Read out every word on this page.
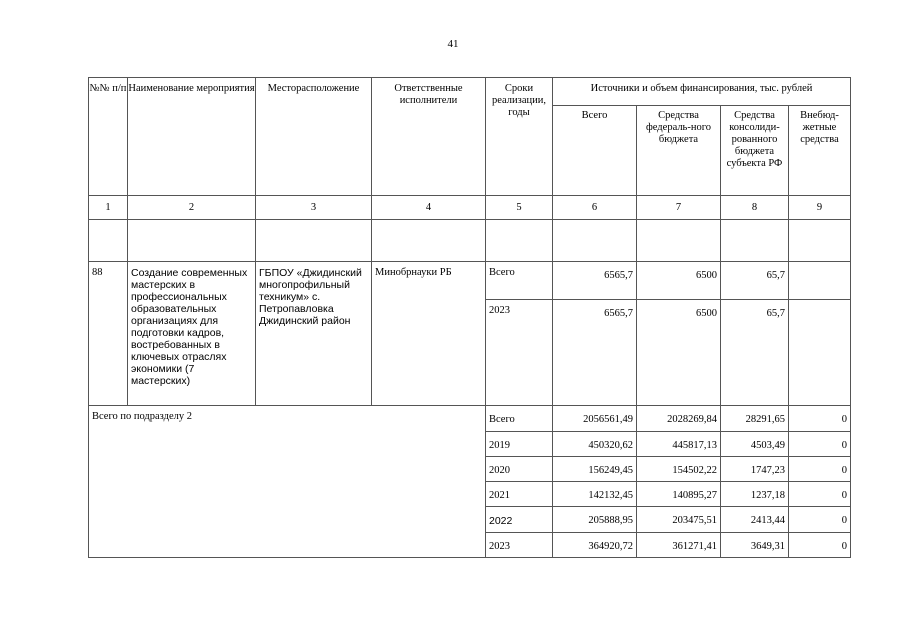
41
№№ п/п	Наименование мероприятия	Месторасположение	Ответственные исполнители	Сроки реализации, годы	Источники и объем финансирования, тыс. рублей			
					Всего	Средства федераль-ного бюджета	Средства консолиди-рованного бюджета субъекта РФ	Внебюд-жетные средства
1	2	3	4	5	6	7	8	9

88	Создание современных мастерских в профессиональных образовательных организациях для подготовки кадров, востребованных в ключевых отраслях экономики (7 мастерских)	ГБПОУ «Джидинский многопрофильный техникум» с. Петропавловка Джидинский район	Минобрнауки РБ	Всего	6565,7	6500	65,7	
				2023	6565,7	6500	65,7	
Всего по подразделу 2				Всего	2056561,49	2028269,84	28291,65	0
				2019	450320,62	445817,13	4503,49	0
				2020	156249,45	154502,22	1747,23	0
				2021	142132,45	140895,27	1237,18	0
				2022	205888,95	203475,51	2413,44	0
				2023	364920,72	361271,41	3649,31	0
